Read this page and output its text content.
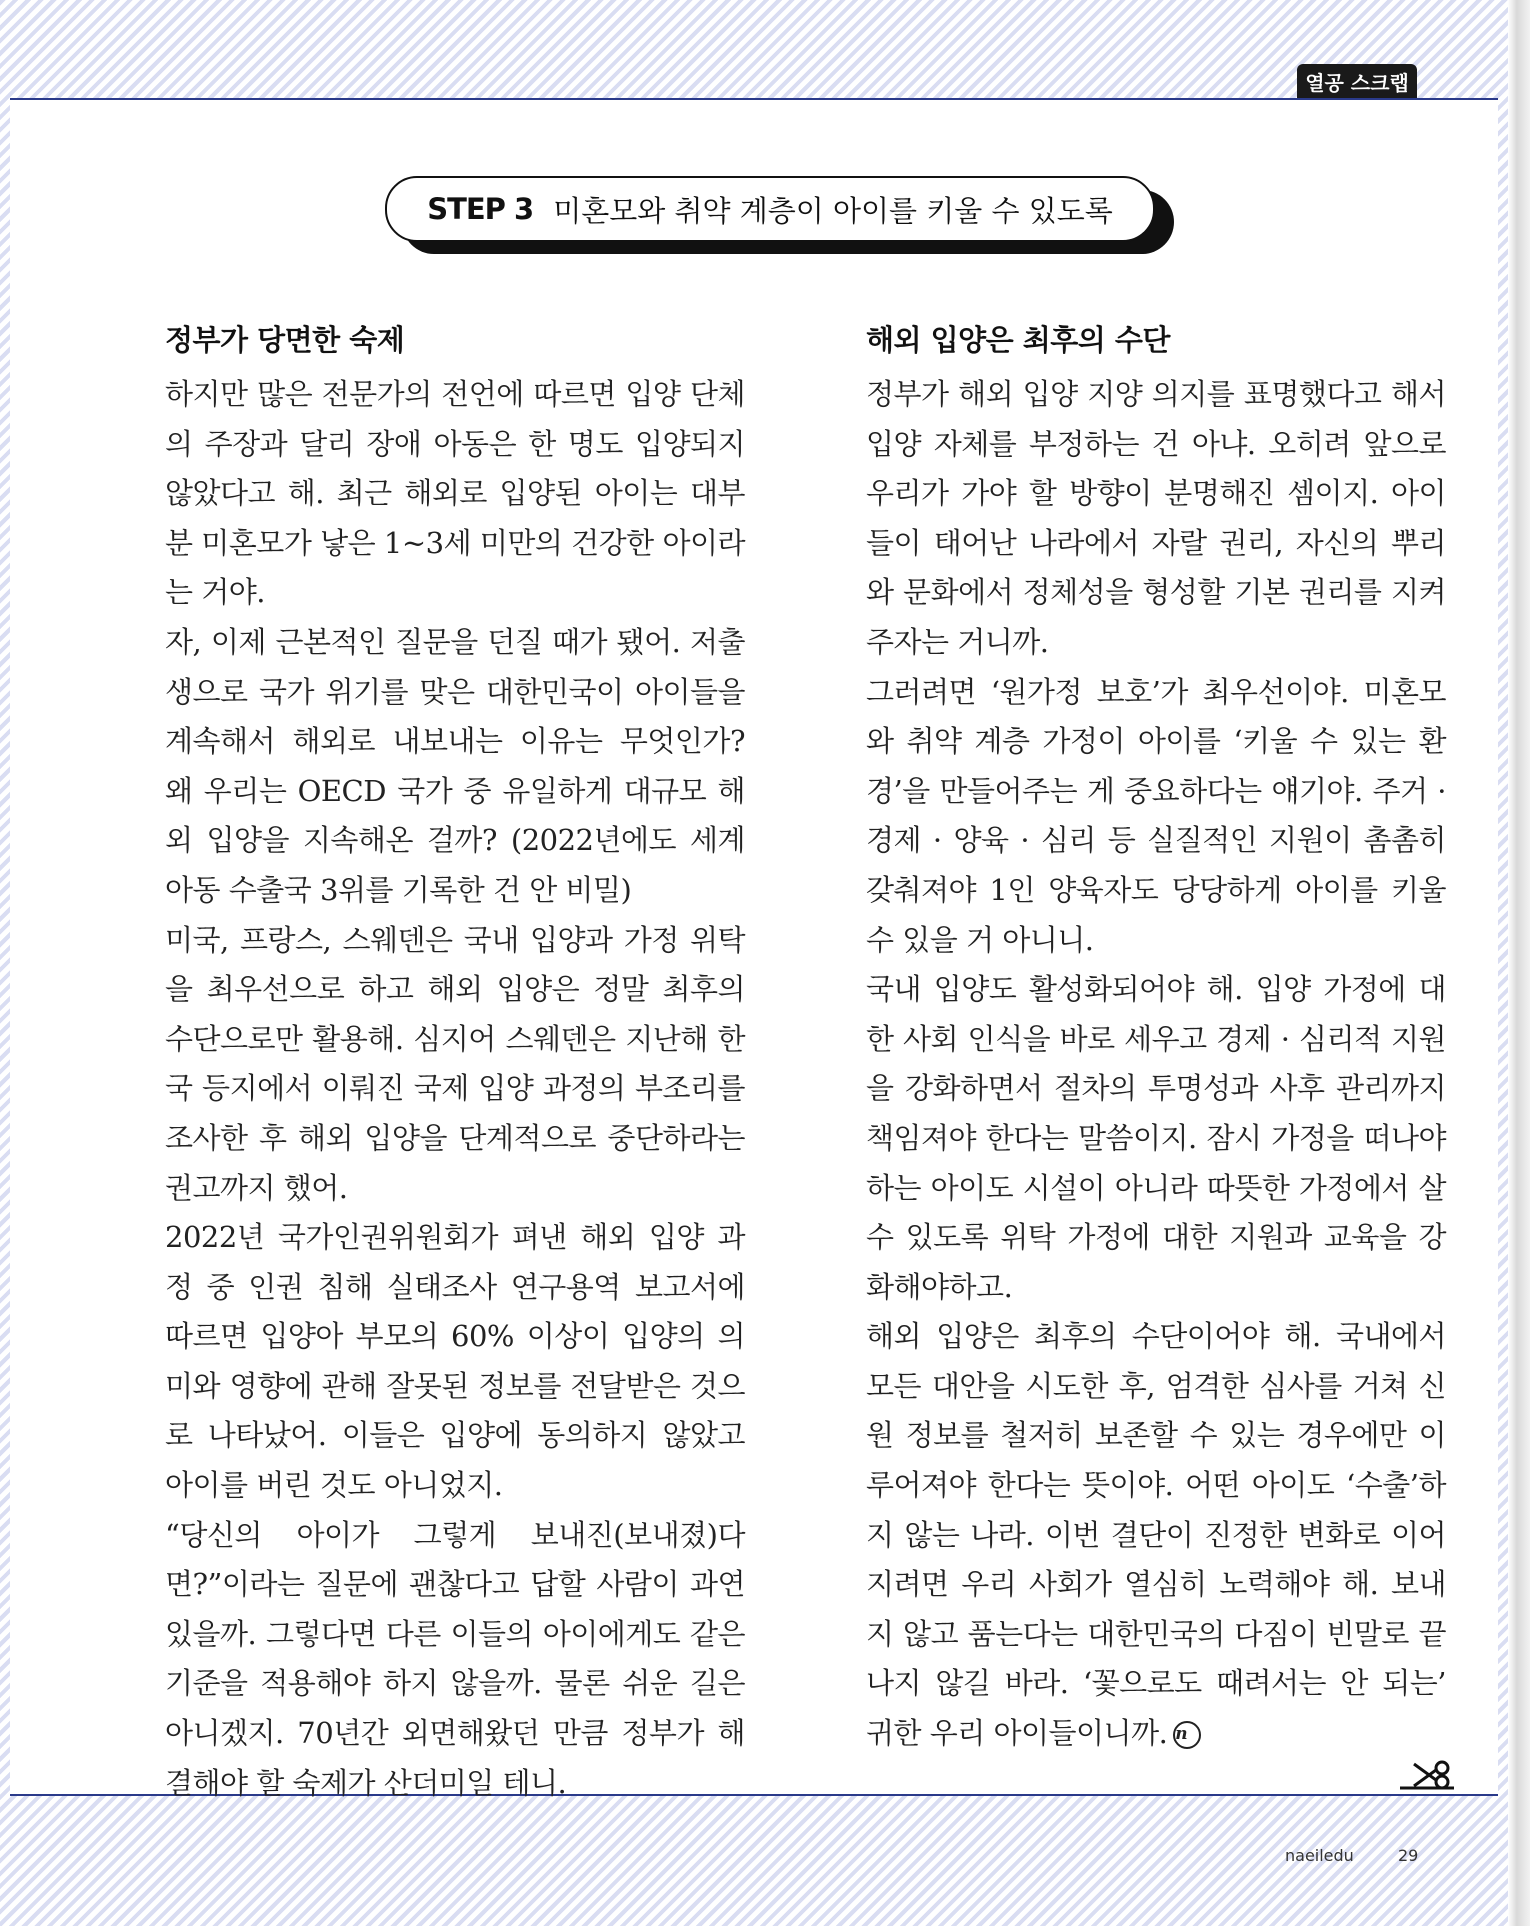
열공 스크랩
STEP 3 미혼모와 취약 계층이 아이를 키울 수 있도록
정부가 당면한 숙제

하지만 많은 전문가의 전언에 따르면 입양 단체의 주장과 달리 장애 아동은 한 명도 입양되지 않았다고 해. 최근 해외로 입양된 아이는 대부분 미혼모가 낳은 1~3세 미만의 건강한 아이라는 거야.

자, 이제 근본적인 질문을 던질 때가 됐어. 저출생으로 국가 위기를 맞은 대한민국이 아이들을 계속해서 해외로 내보내는 이유는 무엇인가? 왜 우리는 OECD 국가 중 유일하게 대규모 해외 입양을 지속해온 걸까? (2022년에도 세계 아동 수출국 3위를 기록한 건 안 비밀)

미국, 프랑스, 스웨덴은 국내 입양과 가정 위탁을 최우선으로 하고 해외 입양은 정말 최후의 수단으로만 활용해. 심지어 스웨덴은 지난해 한국 등지에서 이뤄진 국제 입양 과정의 부조리를 조사한 후 해외 입양을 단계적으로 중단하라는 권고까지 했어.

2022년 국가인권위원회가 펴낸 해외 입양 과정 중 인권 침해 실태조사 연구용역 보고서에 따르면 입양아 부모의 60% 이상이 입양의 의미와 영향에 관해 잘못된 정보를 전달받은 것으로 나타났어. 이들은 입양에 동의하지 않았고 아이를 버린 것도 아니었지.

“당신의 아이가 그렇게 보내진(보내졌)다면?”이라는 질문에 괜찮다고 답할 사람이 과연 있을까. 그렇다면 다른 이들의 아이에게도 같은 기준을 적용해야 하지 않을까. 물론 쉬운 길은 아니겠지. 70년간 외면해왔던 만큼 정부가 해결해야 할 숙제가 산더미일 테니.

해외 입양은 최후의 수단

정부가 해외 입양 지양 의지를 표명했다고 해서 입양 자체를 부정하는 건 아냐. 오히려 앞으로 우리가 가야 할 방향이 분명해진 셈이지. 아이들이 태어난 나라에서 자랄 권리, 자신의 뿌리와 문화에서 정체성을 형성할 기본 권리를 지켜주자는 거니까.

그러려면 ‘원가정 보호’가 최우선이야. 미혼모와 취약 계층 가정이 아이를 ‘키울 수 있는 환경’을 만들어주는 게 중요하다는 얘기야. 주거 · 경제 · 양육 · 심리 등 실질적인 지원이 촘촘히 갖춰져야 1인 양육자도 당당하게 아이를 키울 수 있을 거 아니니.

국내 입양도 활성화되어야 해. 입양 가정에 대한 사회 인식을 바로 세우고 경제 · 심리적 지원을 강화하면서 절차의 투명성과 사후 관리까지 책임져야 한다는 말씀이지. 잠시 가정을 떠나야 하는 아이도 시설이 아니라 따뜻한 가정에서 살 수 있도록 위탁 가정에 대한 지원과 교육을 강화해야하고.

해외 입양은 최후의 수단이어야 해. 국내에서 모든 대안을 시도한 후, 엄격한 심사를 거쳐 신원 정보를 철저히 보존할 수 있는 경우에만 이루어져야 한다는 뜻이야. 어떤 아이도 ‘수출’하지 않는 나라. 이번 결단이 진정한 변화로 이어지려면 우리 사회가 열심히 노력해야 해. 보내지 않고 품는다는 대한민국의 다짐이 빈말로 끝나지 않길 바라. ‘꽃으로도 때려서는 안 되는’ 귀한 우리 아이들이니까. n

naeiledu	29
